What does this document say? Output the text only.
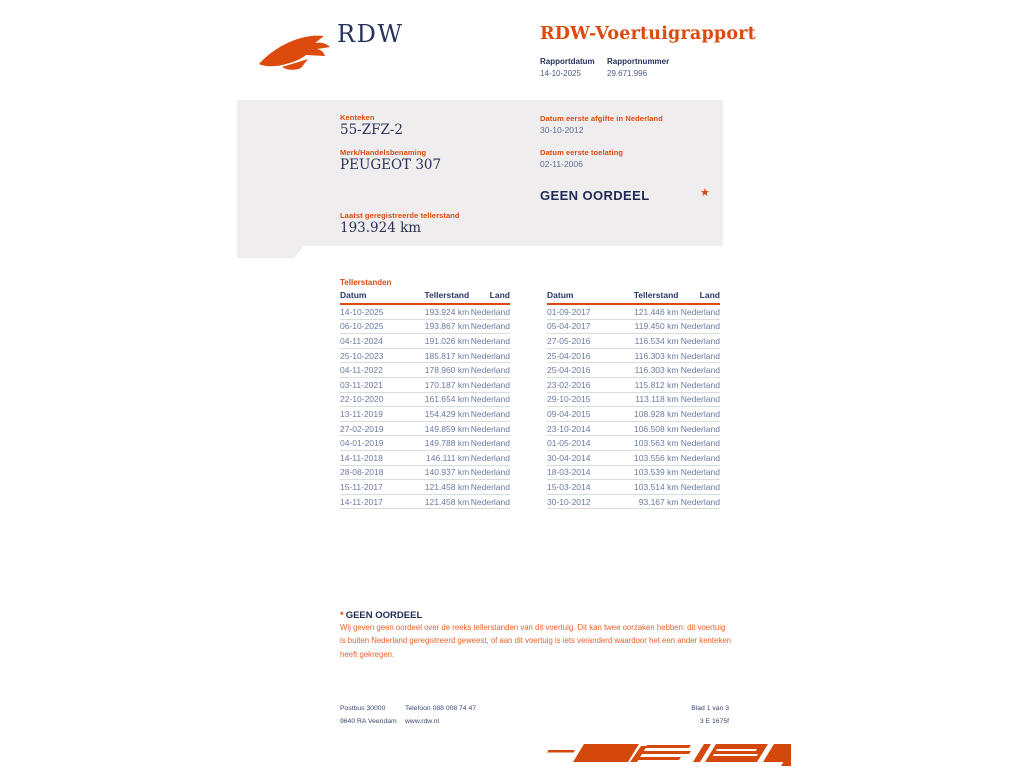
RDW	RDW-Voertuigrapport
Rapportdatum
14-10-2025
Rapportnummer
29.671.996
Kenteken
55-ZFZ-2
Merk/Handelsbenaming
PEUGEOT 307
Laatst geregistreerde tellerstand
193.924 km
Datum eerste afgifte in Nederland
30-10-2012
Datum eerste toelating
02-11-2006
GEEN OORDEEL	★
Tellerstanden
Datum	Tellerstand	Land
14-10-2025	193.924 km Nederland
06-10-2025	193.867 km Nederland
04-11-2024	191.026 km Nederland
25-10-2023	185.817 km Nederland
04-11-2022	178.960 km Nederland
03-11-2021	170.187 km Nederland
22-10-2020	161.654 km Nederland
13-11-2019	154.429 km Nederland
27-02-2019	149.859 km Nederland
04-01-2019	149.788 km Nederland
14-11-2018	146.111 km Nederland
28-08-2018	140.937 km Nederland
15-11-2017	121.458 km Nederland
14-11-2017	121.458 km Nederland
Datum	Tellerstand	Land
01-09-2017	121.446 km Nederland
05-04-2017	119.450 km Nederland
27-05-2016	116.534 km Nederland
25-04-2016	116.303 km Nederland
25-04-2016	116.303 km Nederland
23-02-2016	115.812 km Nederland
29-10-2015	113.118 km Nederland
09-04-2015	108.928 km Nederland
23-10-2014	106.508 km Nederland
01-05-2014	103.563 km Nederland
30-04-2014	103.556 km Nederland
18-03-2014	103.539 km Nederland
15-03-2014	103.514 km Nederland
30-10-2012	93.167 km Nederland
* GEEN OORDEEL
Wij geven geen oordeel over de reeks tellerstanden van dit voertuig. Dit kan twee oorzaken hebben: dit voertuig is buiten Nederland geregistreerd geweest, of aan dit voertuig is iets veranderd waardoor het een ander kenteken heeft gekregen.
Postbus 30000
9640 RA Veendam
Telefoon 088 008 74 47
www.rdw.nl
Blad 1 van 3
3 E 1675f
